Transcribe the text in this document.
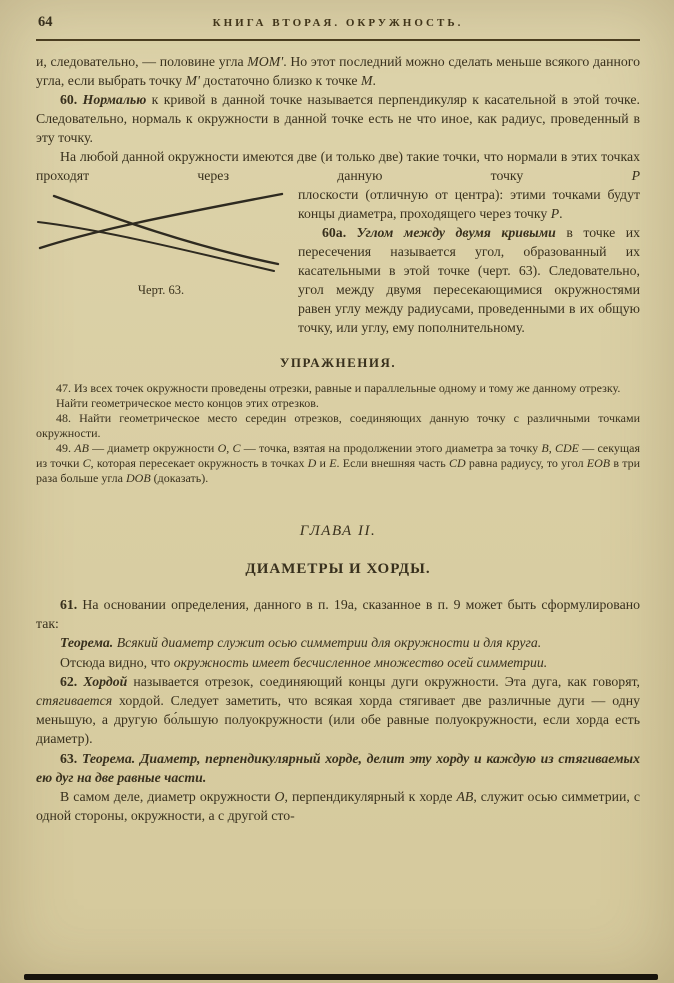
64	КНИГА ВТОРАЯ. ОКРУЖНОСТЬ.

и, следовательно, — половине угла MOM'. Но этот последний можно сделать меньше всякого данного угла, если выбрать точку M' достаточно близко к точке M.

60. Нормалью к кривой в данной точке называется перпендикуляр к касательной в этой точке. Следовательно, нормаль к окружности в данной точке есть не что иное, как радиус, проведенный в эту точку.

На любой данной окружности имеются две (и только две) такие точки, что нормали в этих точках проходят через данную точку P

Черт. 63.

плоскости (отличную от центра): этими точками будут концы диаметра, проходящего через точку P.

60а. Углом между двумя кривыми в точке их пересечения называется угол, образованный их касательными в этой точке (черт. 63). Следовательно, угол между двумя пересекающимися окружностями равен углу между радиусами, проведенными в их общую точку, или углу, ему пополнительному.

УПРАЖНЕНИЯ.

47. Из всех точек окружности проведены отрезки, равные и параллельные одному и тому же данному отрезку.

Найти геометрическое место концов этих отрезков.

48. Найти геометрическое место середин отрезков, соединяющих данную точку с различными точками окружности.

49. AB — диаметр окружности O, C — точка, взятая на продолжении этого диаметра за точку B, CDE — секущая из точки C, которая пересекает окружность в точках D и E. Если внешняя часть CD равна радиусу, то угол EOB в три раза больше угла DOB (доказать).

ГЛАВА II.
ДИАМЕТРЫ И ХОРДЫ.

61. На основании определения, данного в п. 19а, сказанное в п. 9 может быть сформулировано так:

Теорема. Всякий диаметр служит осью симметрии для окружности и для круга.

Отсюда видно, что окружность имеет бесчисленное множество осей симметрии.

62. Хордой называется отрезок, соединяющий концы дуги окружности. Эта дуга, как говорят, стягивается хордой. Следует заметить, что всякая хорда стягивает две различные дуги — одну меньшую, а другую бо́льшую полуокружности (или обе равные полуокружности, если хорда есть диаметр).

63. Теорема. Диаметр, перпендикулярный хорде, делит эту хорду и каждую из стягиваемых ею дуг на две равные части.

В самом деле, диаметр окружности O, перпендикулярный к хорде AB, служит осью симметрии, с одной стороны, окружности, а с другой сто-
